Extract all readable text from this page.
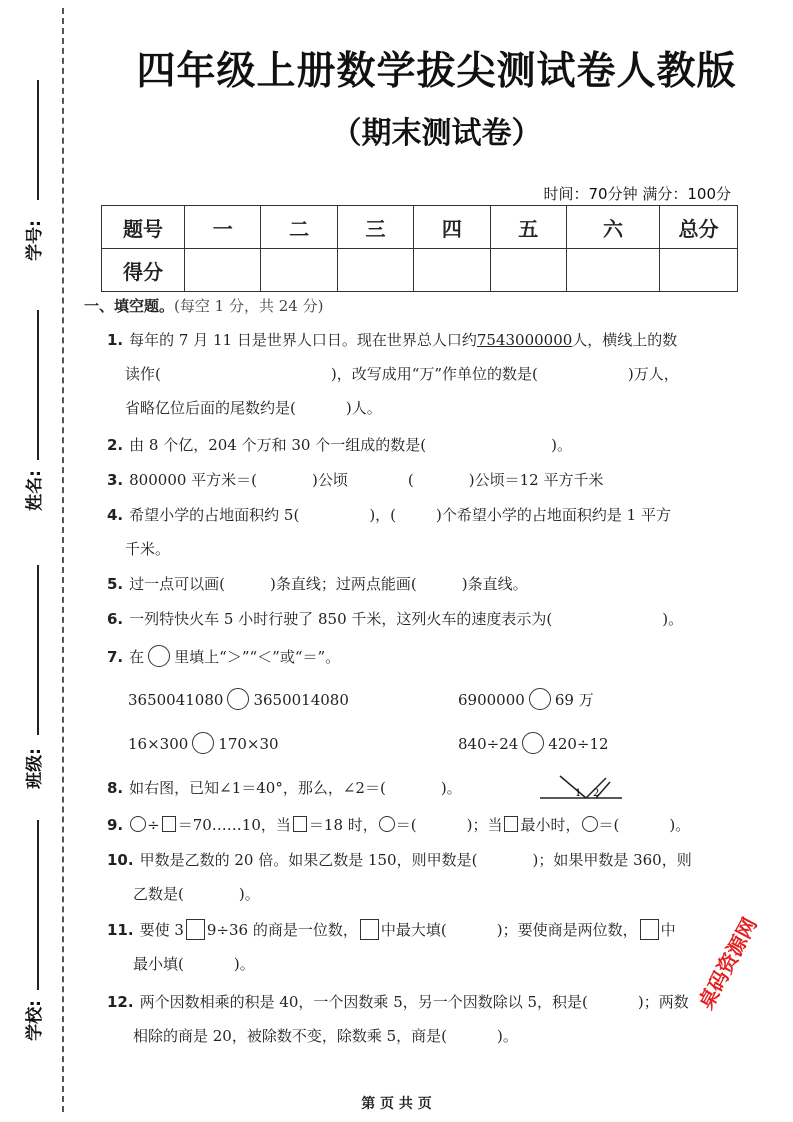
学号:
姓名:
班级:
学校:
四年级上册数学拔尖测试卷人教版
（期末测试卷）
时间：70分钟 满分：100分
题号	一	二	三	四	五	六	总分
得分							
一、填空题。(每空 1 分，共 24 分)
1. 每年的 7 月 11 日是世界人口日。现在世界总人口约7543000000人，横线上的数
读作(	)，改写成用“万”作单位的数是(	)万人，
省略亿位后面的尾数约是(	)人。
2. 由 8 个亿，204 个万和 30 个一组成的数是(	)。
3. 800000 平方米＝(	)公顷	(	)公顷＝12 平方千米
4. 希望小学的占地面积约 5(	)，(	)个希望小学的占地面积约是 1 平方
千米。
5. 过一点可以画(	)条直线；过两点能画(	)条直线。
6. 一列特快火车 5 小时行驶了 850 千米，这列火车的速度表示为(	)。
7. 在 里填上“＞”“＜”或“＝”。
3650041080 3650014080	6900000 69 万
16×300 170×30	840÷24 420÷12
8. 如右图，已知∠1＝40°，那么，∠2＝(	)。	1 2
9. ÷ ＝70……10，当 ＝18 时， ＝(	)；当 最小时， ＝(	)。
10. 甲数是乙数的 20 倍。如果乙数是 150，则甲数是(	)；如果甲数是 360，则
乙数是(	)。
11. 要使 3 9÷36 的商是一位数， 中最大填(	)；要使商是两位数， 中
最小填(	)。
12. 两个因数相乘的积是 40，一个因数乘 5，另一个因数除以 5，积是(	)；两数
相除的商是 20，被除数不变，除数乘 5，商是(	)。
第 页 共 页
桌码资源网
